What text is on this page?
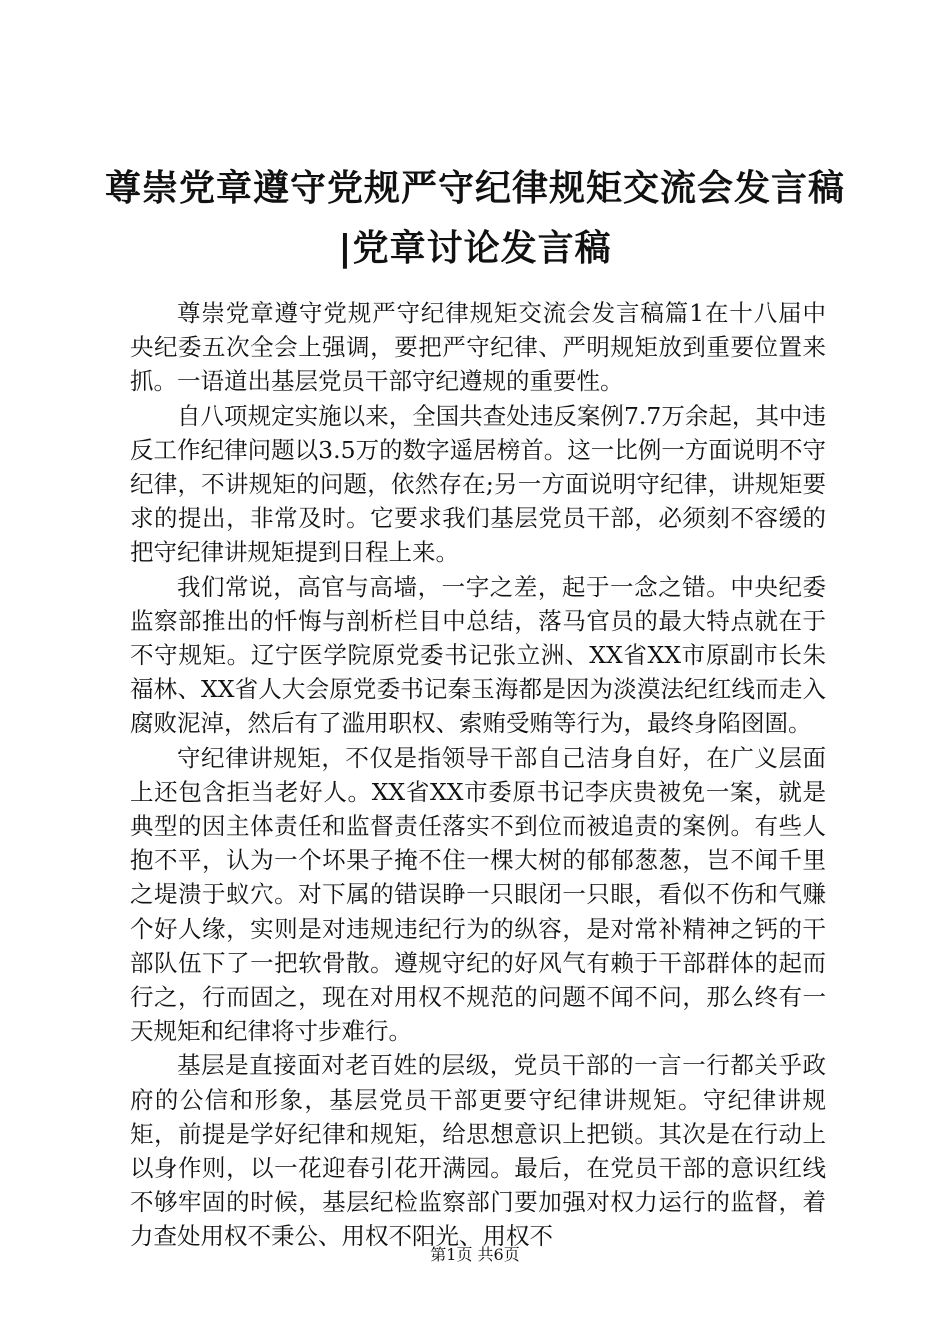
尊崇党章遵守党规严守纪律规矩交流会发言稿
|党章讨论发言稿

尊崇党章遵守党规严守纪律规矩交流会发言稿篇1在十八届中央纪委五次全会上强调，要把严守纪律、严明规矩放到重要位置来抓。一语道出基层党员干部守纪遵规的重要性。

自八项规定实施以来，全国共查处违反案例7.7万余起，其中违反工作纪律问题以3.5万的数字遥居榜首。这一比例一方面说明不守纪律，不讲规矩的问题，依然存在;另一方面说明守纪律，讲规矩要求的提出，非常及时。它要求我们基层党员干部，必须刻不容缓的把守纪律讲规矩提到日程上来。

我们常说，高官与高墙，一字之差，起于一念之错。中央纪委监察部推出的忏悔与剖析栏目中总结，落马官员的最大特点就在于不守规矩。辽宁医学院原党委书记张立洲、XX省XX市原副市长朱福林、XX省人大会原党委书记秦玉海都是因为淡漠法纪红线而走入腐败泥淖，然后有了滥用职权、索贿受贿等行为，最终身陷囹圄。

守纪律讲规矩，不仅是指领导干部自己洁身自好，在广义层面上还包含拒当老好人。XX省XX市委原书记李庆贵被免一案，就是典型的因主体责任和监督责任落实不到位而被追责的案例。有些人抱不平，认为一个坏果子掩不住一棵大树的郁郁葱葱，岂不闻千里之堤溃于蚁穴。对下属的错误睁一只眼闭一只眼，看似不伤和气赚个好人缘，实则是对违规违纪行为的纵容，是对常补精神之钙的干部队伍下了一把软骨散。遵规守纪的好风气有赖于干部群体的起而行之，行而固之，现在对用权不规范的问题不闻不问，那么终有一天规矩和纪律将寸步难行。

基层是直接面对老百姓的层级，党员干部的一言一行都关乎政府的公信和形象，基层党员干部更要守纪律讲规矩。守纪律讲规矩，前提是学好纪律和规矩，给思想意识上把锁。其次是在行动上以身作则，以一花迎春引花开满园。最后，在党员干部的意识红线不够牢固的时候，基层纪检监察部门要加强对权力运行的监督，着力查处用权不秉公、用权不阳光、用权不

第1页 共6页
